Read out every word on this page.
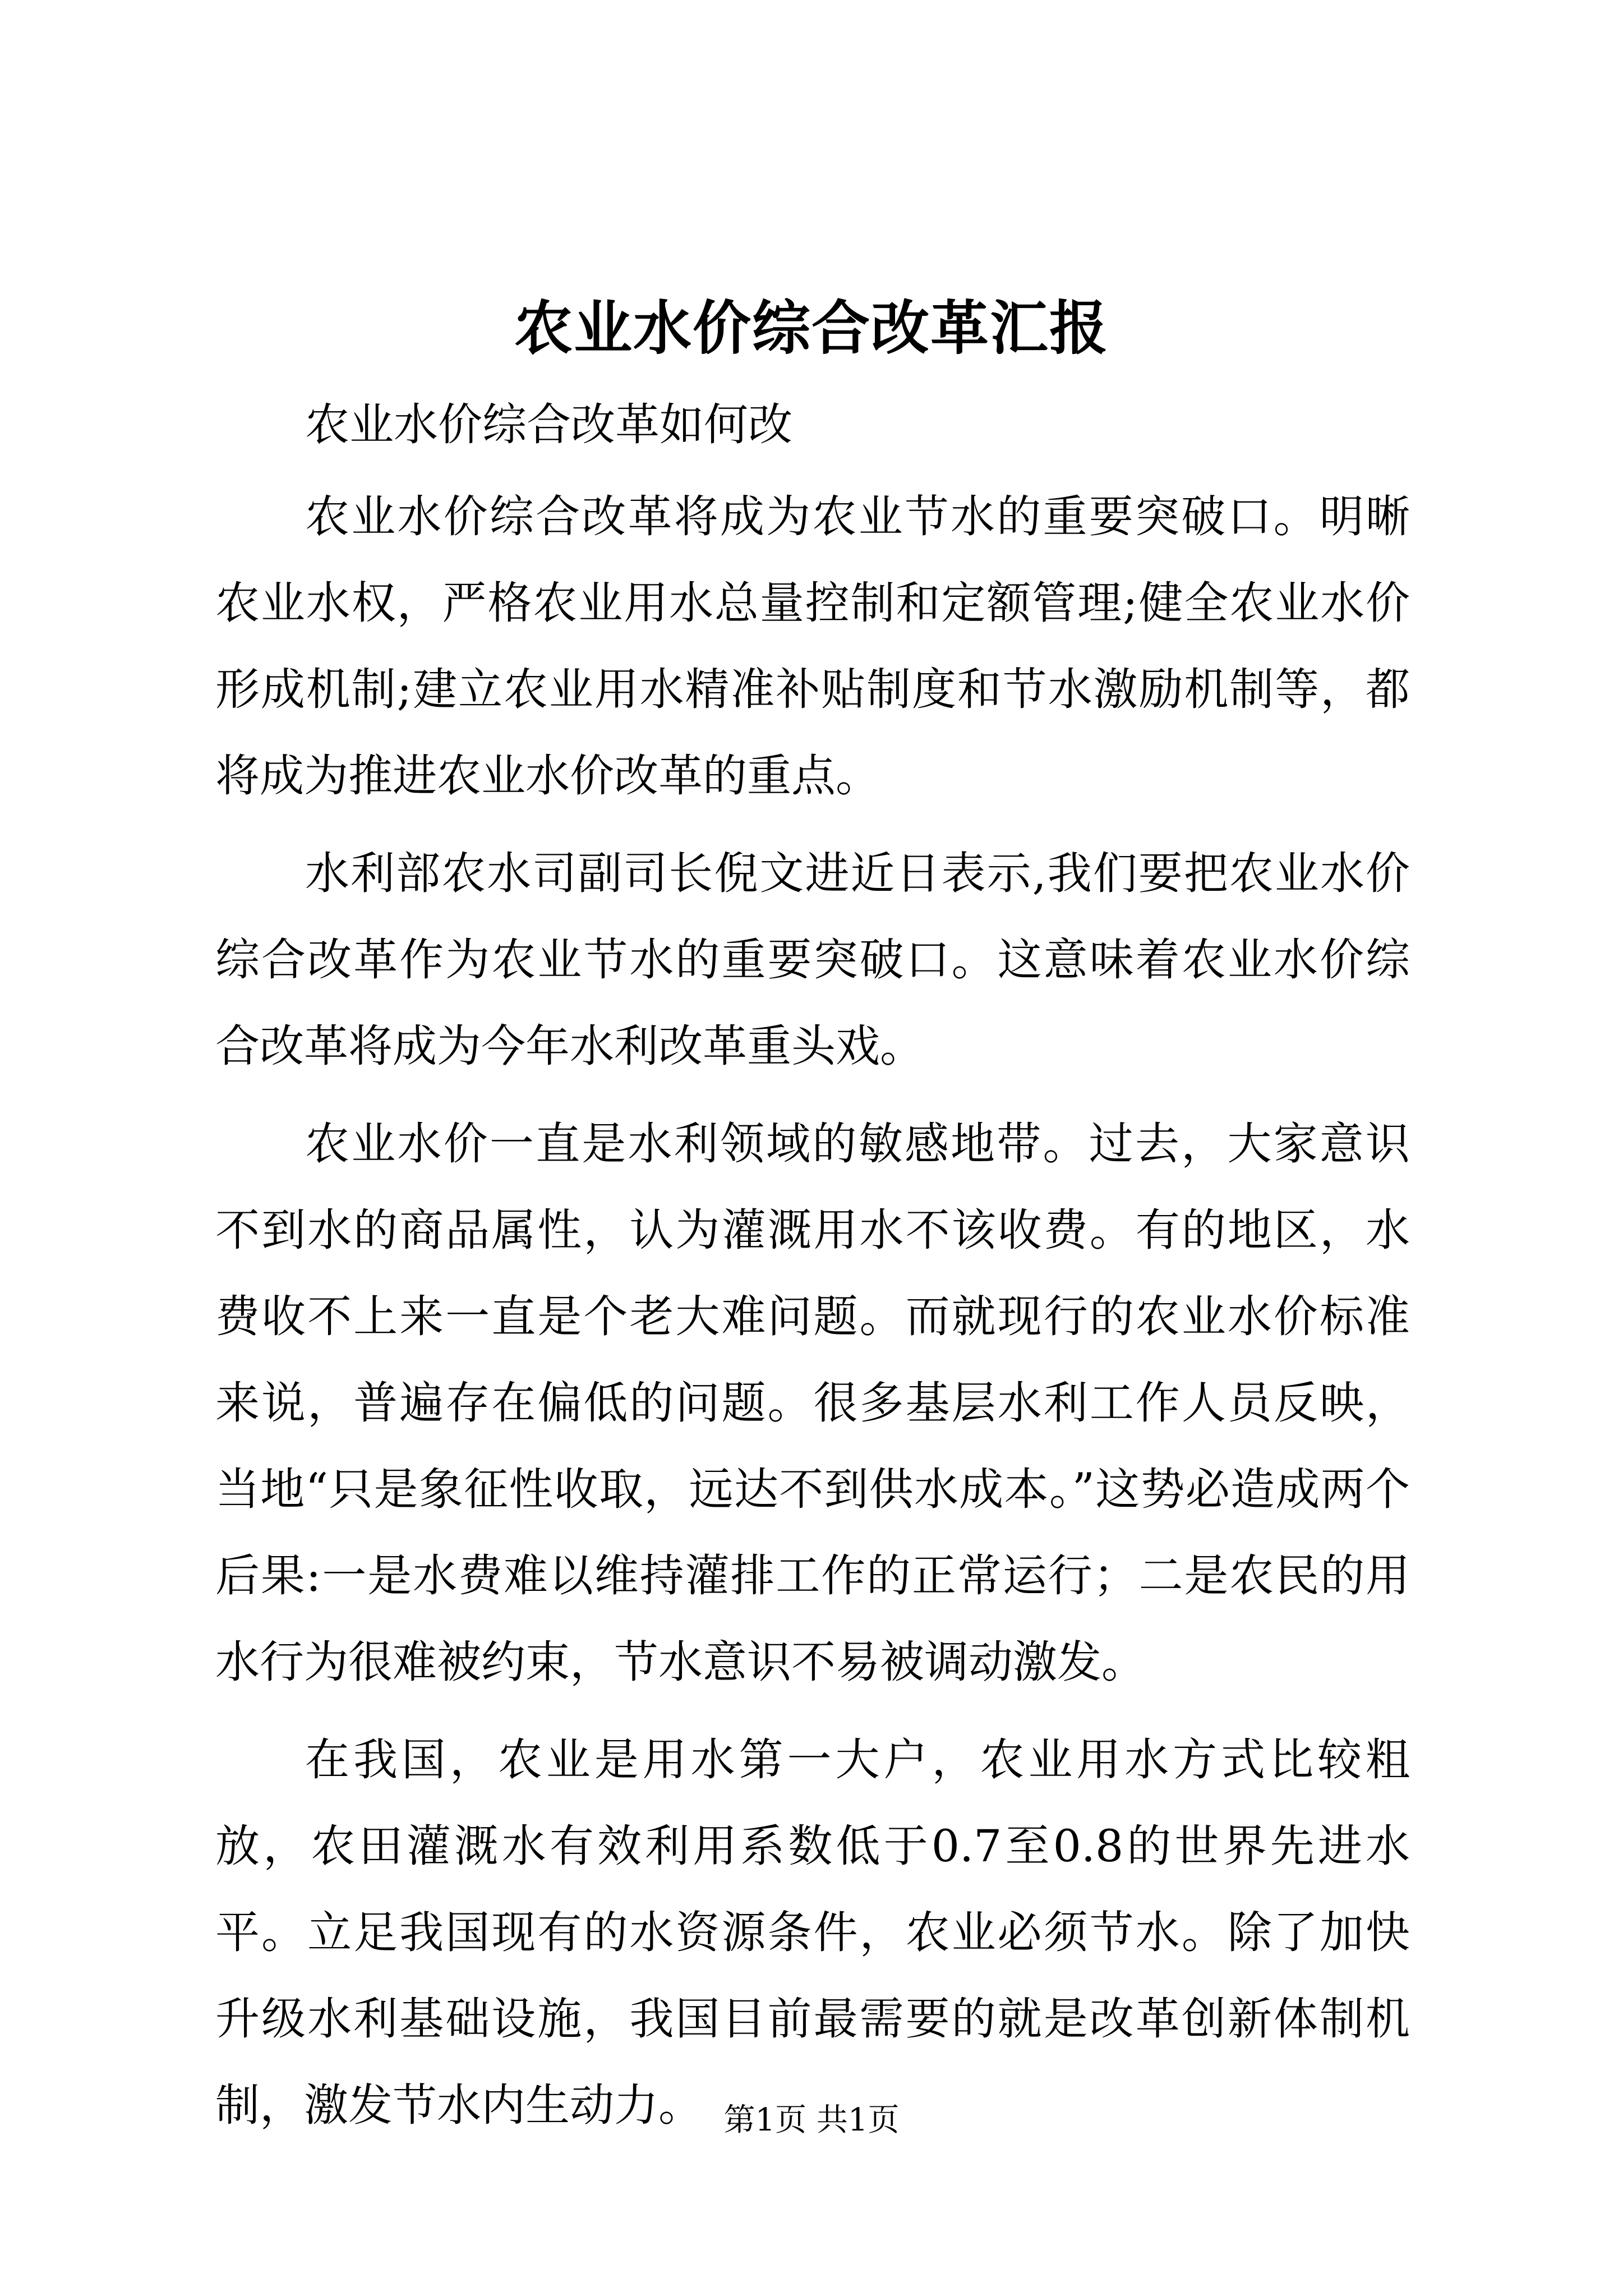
农业水价综合改革汇报

农业水价综合改革如何改

农业水价综合改革将成为农业节水的重要突破口。明晰农业水权，严格农业用水总量控制和定额管理;健全农业水价形成机制;建立农业用水精准补贴制度和节水激励机制等，都将成为推进农业水价改革的重点。

水利部农水司副司长倪文进近日表示,我们要把农业水价综合改革作为农业节水的重要突破口。这意味着农业水价综合改革将成为今年水利改革重头戏。

农业水价一直是水利领域的敏感地带。过去，大家意识不到水的商品属性，认为灌溉用水不该收费。有的地区，水费收不上来一直是个老大难问题。而就现行的农业水价标准来说，普遍存在偏低的问题。很多基层水利工作人员反映，当地“只是象征性收取，远达不到供水成本。”这势必造成两个后果:一是水费难以维持灌排工作的正常运行；二是农民的用水行为很难被约束，节水意识不易被调动激发。

在我国，农业是用水第一大户，农业用水方式比较粗放，农田灌溉水有效利用系数低于0.7至0.8的世界先进水平。立足我国现有的水资源条件，农业必须节水。除了加快升级水利基础设施，我国目前最需要的就是改革创新体制机制，激发节水内生动力。 第1页 共1页
